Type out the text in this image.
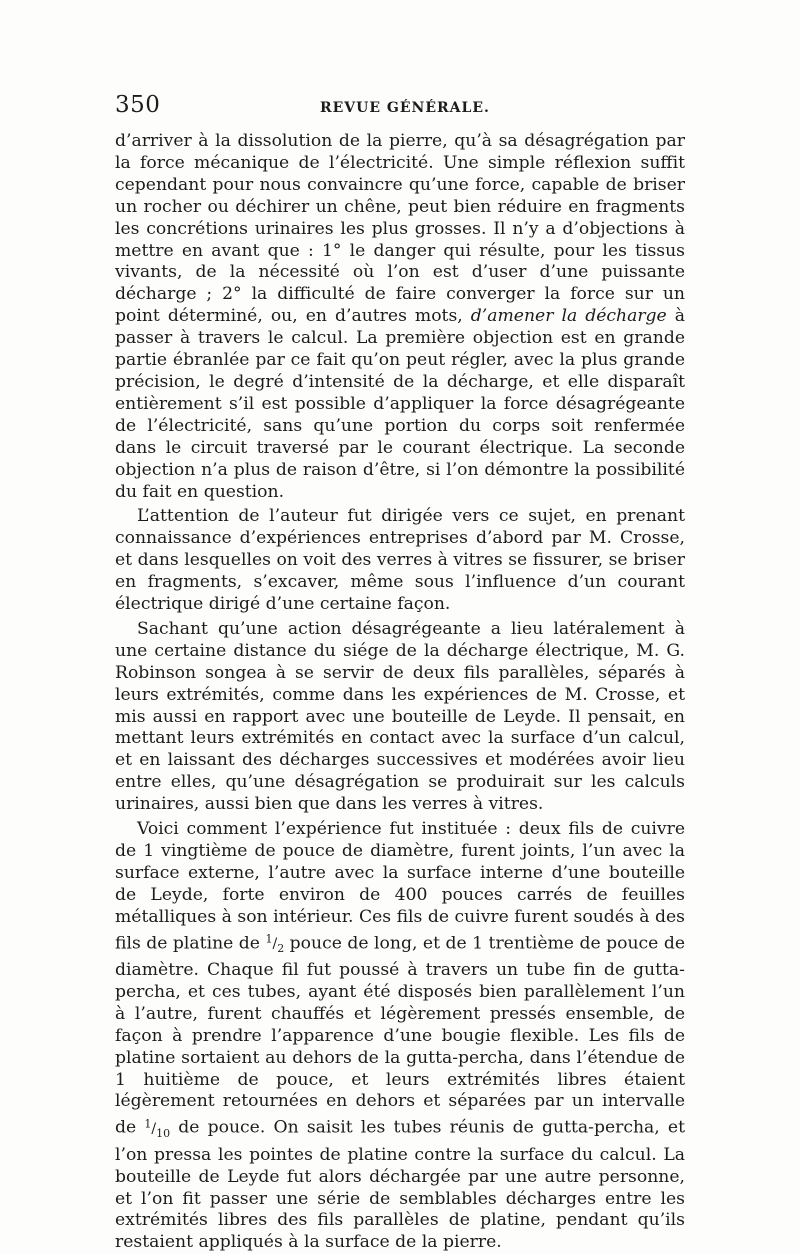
350	REVUE GÉNÉRALE.

d’arriver à la dissolution de la pierre, qu’à sa désagrégation par la force mécanique de l’électricité. Une simple réflexion suffit cependant pour nous convaincre qu’une force, capable de briser un rocher ou déchirer un chêne, peut bien réduire en fragments les concrétions urinaires les plus grosses. Il n’y a d’objections à mettre en avant que : 1° le danger qui résulte, pour les tissus vivants, de la nécessité où l’on est d’user d’une puissante décharge ; 2° la difficulté de faire converger la force sur un point déterminé, ou, en d’autres mots, d’amener la décharge à passer à travers le calcul. La première objection est en grande partie ébranlée par ce fait qu’on peut régler, avec la plus grande précision, le degré d’intensité de la décharge, et elle disparaît entièrement s’il est possible d’appliquer la force désagrégeante de l’électricité, sans qu’une portion du corps soit renfermée dans le circuit traversé par le courant électrique. La seconde objection n’a plus de raison d’être, si l’on démontre la possibilité du fait en question.

L’attention de l’auteur fut dirigée vers ce sujet, en prenant connaissance d’expériences entreprises d’abord par M. Crosse, et dans lesquelles on voit des verres à vitres se fissurer, se briser en fragments, s’excaver, même sous l’influence d’un courant électrique dirigé d’une certaine façon.

Sachant qu’une action désagrégeante a lieu latéralement à une certaine distance du siége de la décharge électrique, M. G. Robinson songea à se servir de deux fils parallèles, séparés à leurs extrémités, comme dans les expériences de M. Crosse, et mis aussi en rapport avec une bouteille de Leyde. Il pensait, en mettant leurs extrémités en contact avec la surface d’un calcul, et en laissant des décharges successives et modérées avoir lieu entre elles, qu’une désagrégation se produirait sur les calculs urinaires, aussi bien que dans les verres à vitres.

Voici comment l’expérience fut instituée : deux fils de cuivre de 1 vingtième de pouce de diamètre, furent joints, l’un avec la surface externe, l’autre avec la surface interne d’une bouteille de Leyde, forte environ de 400 pouces carrés de feuilles métalliques à son intérieur. Ces fils de cuivre furent soudés à des fils de platine de $^1/_2$ pouce de long, et de 1 trentième de pouce de diamètre. Chaque fil fut poussé à travers un tube fin de gutta-percha, et ces tubes, ayant été disposés bien parallèlement l’un à l’autre, furent chauffés et légèrement pressés ensemble, de façon à prendre l’apparence d’une bougie flexible. Les fils de platine sortaient au dehors de la gutta-percha, dans l’étendue de 1 huitième de pouce, et leurs extrémités libres étaient légèrement retournées en dehors et séparées par un intervalle de $^1/_{10}$ de pouce. On saisit les tubes réunis de gutta-percha, et l’on pressa les pointes de platine contre la surface du calcul. La bouteille de Leyde fut alors déchargée par une autre personne, et l’on fit passer une série de semblables décharges entre les extrémités libres des fils parallèles de platine, pendant qu’ils restaient appliqués à la surface de la pierre.
